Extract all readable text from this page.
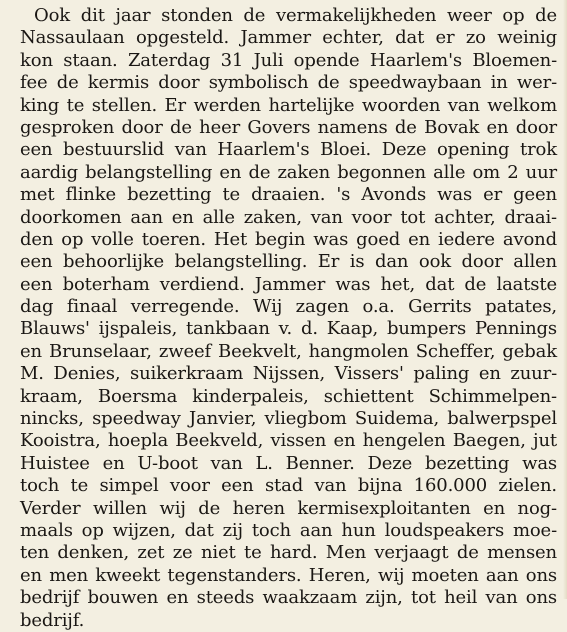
Ook dit jaar stonden de vermakelijkheden weer op de
Nassaulaan opgesteld. Jammer echter, dat er zo weinig
kon staan. Zaterdag 31 Juli opende Haarlem's Bloemen-
fee de kermis door symbolisch de speedwaybaan in wer-
king te stellen. Er werden hartelijke woorden van welkom
gesproken door de heer Govers namens de Bovak en door
een bestuurslid van Haarlem's Bloei. Deze opening trok
aardig belangstelling en de zaken begonnen alle om 2 uur
met flinke bezetting te draaien. 's Avonds was er geen
doorkomen aan en alle zaken, van voor tot achter, draai-
den op volle toeren. Het begin was goed en iedere avond
een behoorlijke belangstelling. Er is dan ook door allen
een boterham verdiend. Jammer was het, dat de laatste
dag finaal verregende. Wij zagen o.a. Gerrits patates,
Blauws' ijspaleis, tankbaan v. d. Kaap, bumpers Pennings
en Brunselaar, zweef Beekvelt, hangmolen Scheffer, gebak
M. Denies, suikerkraam Nijssen, Vissers' paling en zuur-
kraam, Boersma kinderpaleis, schiettent Schimmelpen-
nincks, speedway Janvier, vliegbom Suidema, balwerpspel
Kooistra, hoepla Beekveld, vissen en hengelen Baegen, jut
Huistee en U-boot van L. Benner. Deze bezetting was
toch te simpel voor een stad van bijna 160.000 zielen.
Verder willen wij de heren kermisexploitanten en nog-
maals op wijzen, dat zij toch aan hun loudspeakers moe-
ten denken, zet ze niet te hard. Men verjaagt de mensen
en men kweekt tegenstanders. Heren, wij moeten aan ons
bedrijf bouwen en steeds waakzaam zijn, tot heil van ons
bedrijf.
